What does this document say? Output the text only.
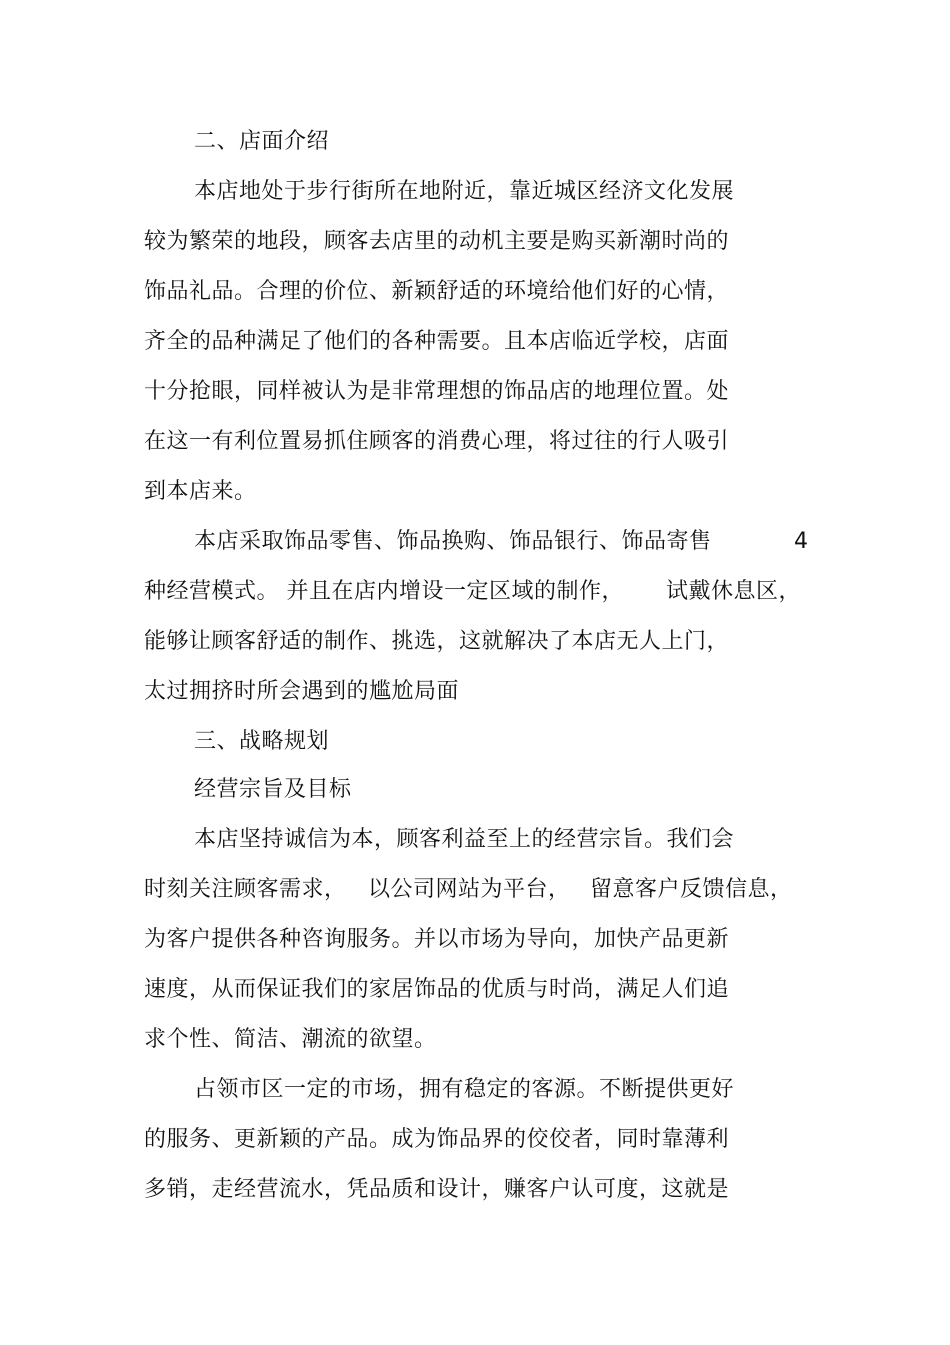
二、店面介绍
本店地处于步行街所在地附近，靠近城区经济文化发展
较为繁荣的地段，顾客去店里的动机主要是购买新潮时尚的
饰品礼品。合理的价位、新颖舒适的环境给他们好的心情，
齐全的品种满足了他们的各种需要。且本店临近学校，店面
十分抢眼，同样被认为是非常理想的饰品店的地理位置。处
在这一有利位置易抓住顾客的消费心理，将过往的行人吸引
到本店来。
本店采取饰品零售、饰品换购、饰品银行、饰品寄售	4
种经营模式。 并且在店内增设一定区域的制作， 试戴休息区，
能够让顾客舒适的制作、挑选，这就解决了本店无人上门，
太过拥挤时所会遇到的尴尬局面
三、战略规划
经营宗旨及目标
本店坚持诚信为本，顾客利益至上的经营宗旨。我们会
时刻关注顾客需求， 以公司网站为平台， 留意客户反馈信息，
为客户提供各种咨询服务。并以市场为导向，加快产品更新
速度，从而保证我们的家居饰品的优质与时尚，满足人们追
求个性、简洁、潮流的欲望。
占领市区一定的市场，拥有稳定的客源。不断提供更好
的服务、更新颖的产品。成为饰品界的佼佼者，同时靠薄利
多销，走经营流水，凭品质和设计，赚客户认可度，这就是
